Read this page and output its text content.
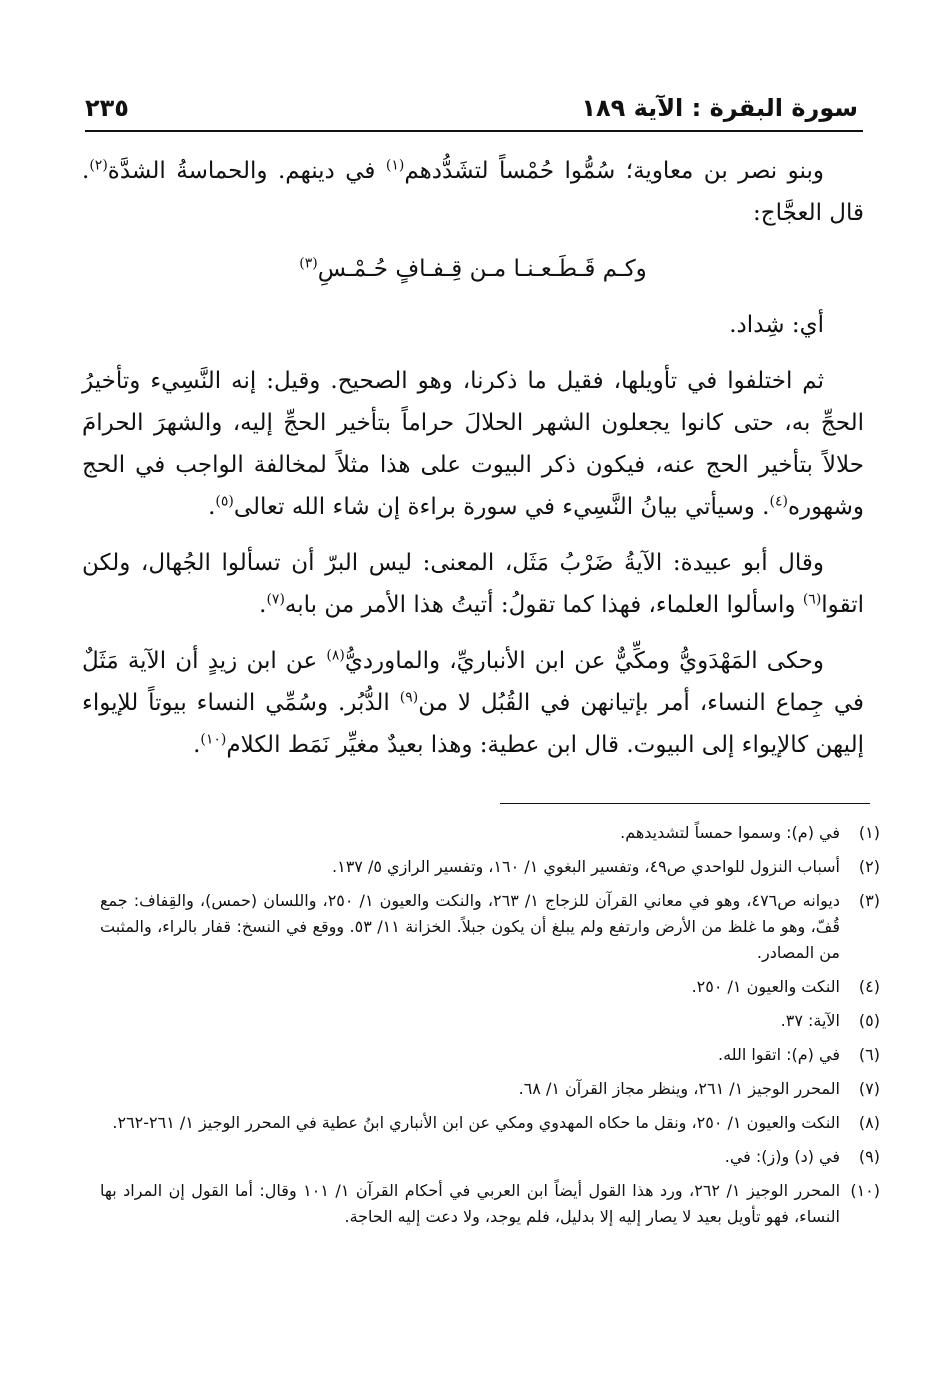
سورة البقرة : الآية ١٨٩
٢٣٥

وبنو نصر بن معاوية؛ سُمُّوا حُمْساً لتشَدُّدهم$^{(١)}$ في دينهم. والحماسةُ الشدَّة$^{(٢)}$. قال العجَّاج:

وكـم قَـطَـعـنـا مـن قِـفـافٍ حُـمْـسِ$^{(٣)}$

أي: شِداد.

ثم اختلفوا في تأويلها، فقيل ما ذكرنا، وهو الصحيح. وقيل: إنه النَّسِيء وتأخيرُ الحجِّ به، حتى كانوا يجعلون الشهر الحلالَ حراماً بتأخير الحجِّ إليه، والشهرَ الحرامَ حلالاً بتأخير الحج عنه، فيكون ذكر البيوت على هذا مثلاً لمخالفة الواجب في الحج وشهوره$^{(٤)}$. وسيأتي بيانُ النَّسِيء في سورة براءة إن شاء الله تعالى$^{(٥)}$.

وقال أبو عبيدة: الآيةُ ضَرْبُ مَثَل، المعنى: ليس البرّ أن تسألوا الجُهال، ولكن اتقوا$^{(٦)}$ واسألوا العلماء، فهذا كما تقولُ: أتيتُ هذا الأمر من بابه$^{(٧)}$.

وحكى المَهْدَويُّ ومكِّيٌّ عن ابن الأنباريِّ، والماورديُّ$^{(٨)}$ عن ابن زيدٍ أن الآية مَثَلٌ في جِماع النساء، أمر بإتيانهن في القُبُل لا من$^{(٩)}$ الدُّبُر. وسُمِّي النساء بيوتاً للإيواء إليهن كالإيواء إلى البيوت. قال ابن عطية: وهذا بعيدٌ مغيِّر نَمَط الكلام$^{(١٠)}$.

(١)
في (م): وسموا حمساً لتشديدهم.
(٢)
أسباب النزول للواحدي ص٤٩، وتفسير البغوي ١/ ١٦٠، وتفسير الرازي ٥/ ١٣٧.
(٣)
ديوانه ص٤٧٦، وهو في معاني القرآن للزجاج ١/ ٢٦٣، والنكت والعيون ١/ ٢٥٠، واللسان (حمس)، والقِفاف: جمع قُفّ، وهو ما غلظ من الأرض وارتفع ولم يبلغ أن يكون جبلاً. الخزانة ١١/ ٥٣. ووقع في النسخ: قفار بالراء، والمثبت من المصادر.
(٤)
النكت والعيون ١/ ٢٥٠.
(٥)
الآية: ٣٧.
(٦)
في (م): اتقوا الله.
(٧)
المحرر الوجيز ١/ ٢٦١، وينظر مجاز القرآن ١/ ٦٨.
(٨)
النكت والعيون ١/ ٢٥٠، ونقل ما حكاه المهدوي ومكي عن ابن الأنباري ابنُ عطية في المحرر الوجيز ١/ ٢٦١-٢٦٢.
(٩)
في (د) و(ز): في.
(١٠)
المحرر الوجيز ١/ ٢٦٢، ورد هذا القول أيضاً ابن العربي في أحكام القرآن ١/ ١٠١ وقال: أما القول إن المراد بها النساء، فهو تأويل بعيد لا يصار إليه إلا بدليل، فلم يوجد، ولا دعت إليه الحاجة.
